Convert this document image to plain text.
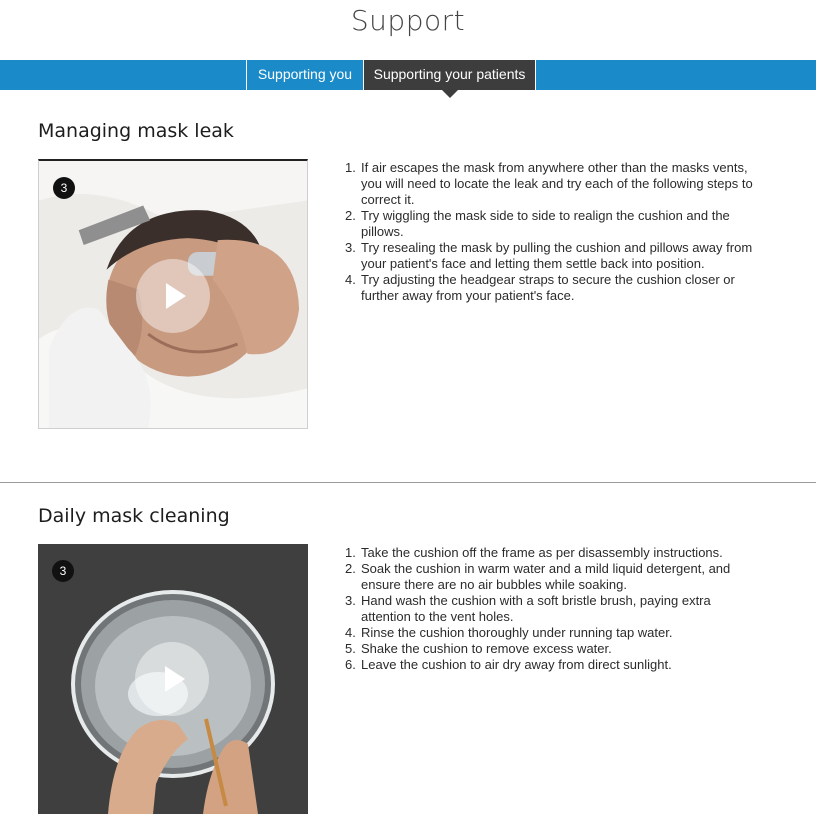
Support
Supporting you	Supporting your patients
Managing mask leak
3
1. If air escapes the mask from anywhere other than the masks vents, you will need to locate the leak and try each of the following steps to correct it.
2. Try wiggling the mask side to side to realign the cushion and the pillows.
3. Try resealing the mask by pulling the cushion and pillows away from your patient's face and letting them settle back into position.
4. Try adjusting the headgear straps to secure the cushion closer or further away from your patient's face.
Daily mask cleaning
3
1. Take the cushion off the frame as per disassembly instructions.
2. Soak the cushion in warm water and a mild liquid detergent, and ensure there are no air bubbles while soaking.
3. Hand wash the cushion with a soft bristle brush, paying extra attention to the vent holes.
4. Rinse the cushion thoroughly under running tap water.
5. Shake the cushion to remove excess water.
6. Leave the cushion to air dry away from direct sunlight.
